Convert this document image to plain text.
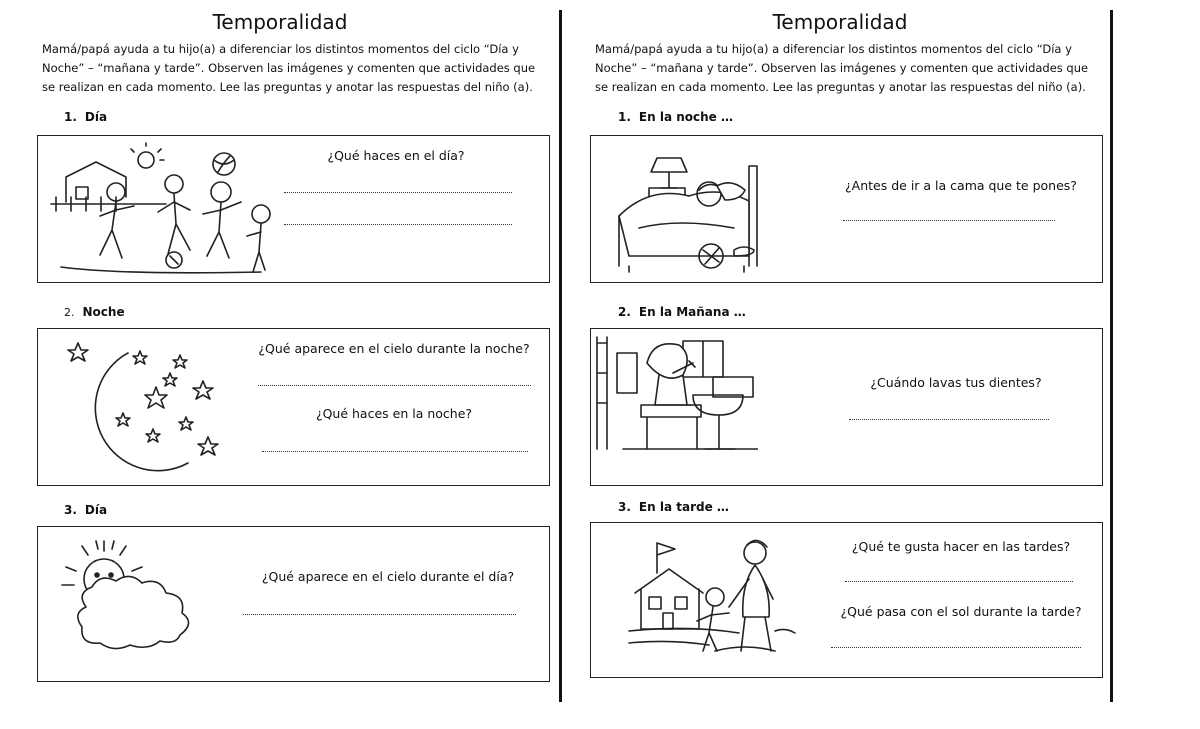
Temporalidad
Mamá/papá ayuda a tu hijo(a) a diferenciar los distintos momentos del ciclo “Día y Noche” – “mañana y tarde”. Observen las imágenes y comenten que actividades que se realizan en cada momento. Lee las preguntas y anotar las respuestas del niño (a).
1. Día
¿Qué haces en el día?
2. Noche
¿Qué aparece en el cielo durante la noche?
¿Qué haces en la noche?
3. Día
¿Qué aparece en el cielo durante el día?
Temporalidad
Mamá/papá ayuda a tu hijo(a) a diferenciar los distintos momentos del ciclo “Día y Noche” – “mañana y tarde”. Observen las imágenes y comenten que actividades que se realizan en cada momento. Lee las preguntas y anotar las respuestas del niño (a).
1. En la noche …
¿Antes de ir a la cama que te pones?
2. En la Mañana …
¿Cuándo lavas tus dientes?
3. En la tarde …
¿Qué te gusta hacer en las tardes?
¿Qué pasa con el sol durante la tarde?
